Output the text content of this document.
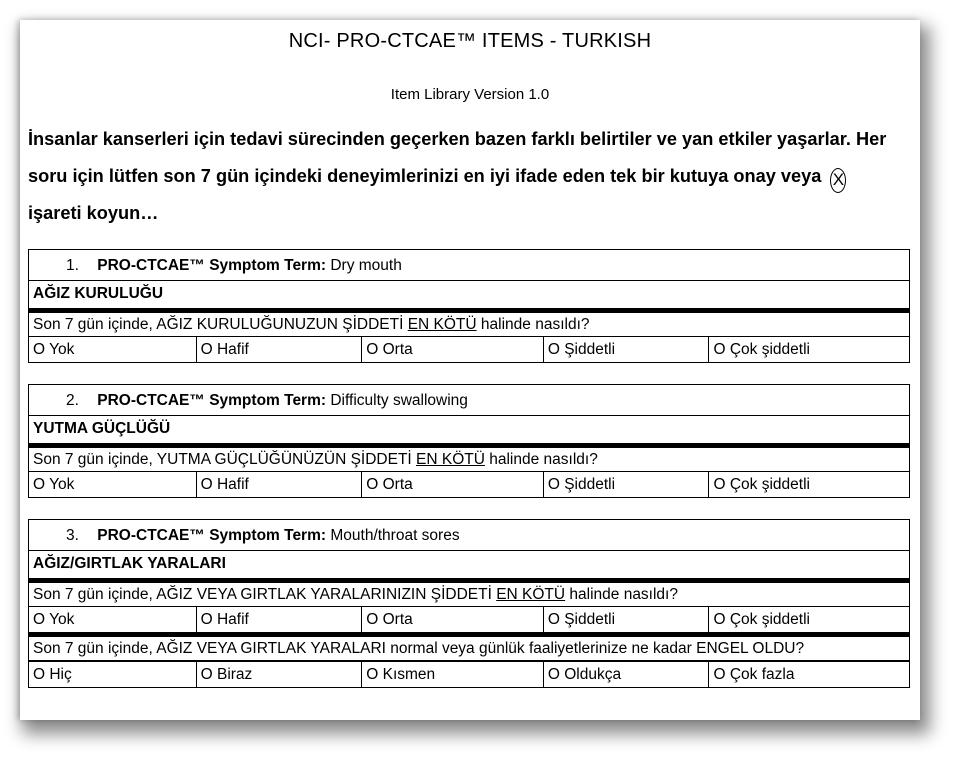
NCI- PRO-CTCAE™ ITEMS - TURKISH
Item Library Version 1.0
İnsanlar kanserleri için tedavi sürecinden geçerken bazen farklı belirtiler ve yan etkiler yaşarlar. Her soru için lütfen son 7 gün içindeki deneyimlerinizi en iyi ifade eden tek bir kutuya onay veya X işareti koyun…
1. PRO-CTCAE™ Symptom Term: Dry mouth
AĞIZ KURULUĞU
Son 7 gün içinde, AĞIZ KURULUĞUNUZUN ŞİDDETİ EN KÖTÜ halinde nasıldı?
O Yok	O Hafif	O Orta	O Şiddetli	O Çok şiddetli
2. PRO-CTCAE™ Symptom Term: Difficulty swallowing
YUTMA GÜÇLÜĞÜ
Son 7 gün içinde, YUTMA GÜÇLÜĞÜNÜZÜN ŞİDDETİ EN KÖTÜ halinde nasıldı?
O Yok	O Hafif	O Orta	O Şiddetli	O Çok şiddetli
3. PRO-CTCAE™ Symptom Term: Mouth/throat sores
AĞIZ/GIRTLAK YARALARI
Son 7 gün içinde, AĞIZ VEYA GIRTLAK YARALARINIZIN ŞİDDETİ EN KÖTÜ halinde nasıldı?
O Yok	O Hafif	O Orta	O Şiddetli	O Çok şiddetli
Son 7 gün içinde, AĞIZ VEYA GIRTLAK YARALARI normal veya günlük faaliyetlerinize ne kadar ENGEL OLDU?
O Hiç	O Biraz	O Kısmen	O Oldukça	O Çok fazla
